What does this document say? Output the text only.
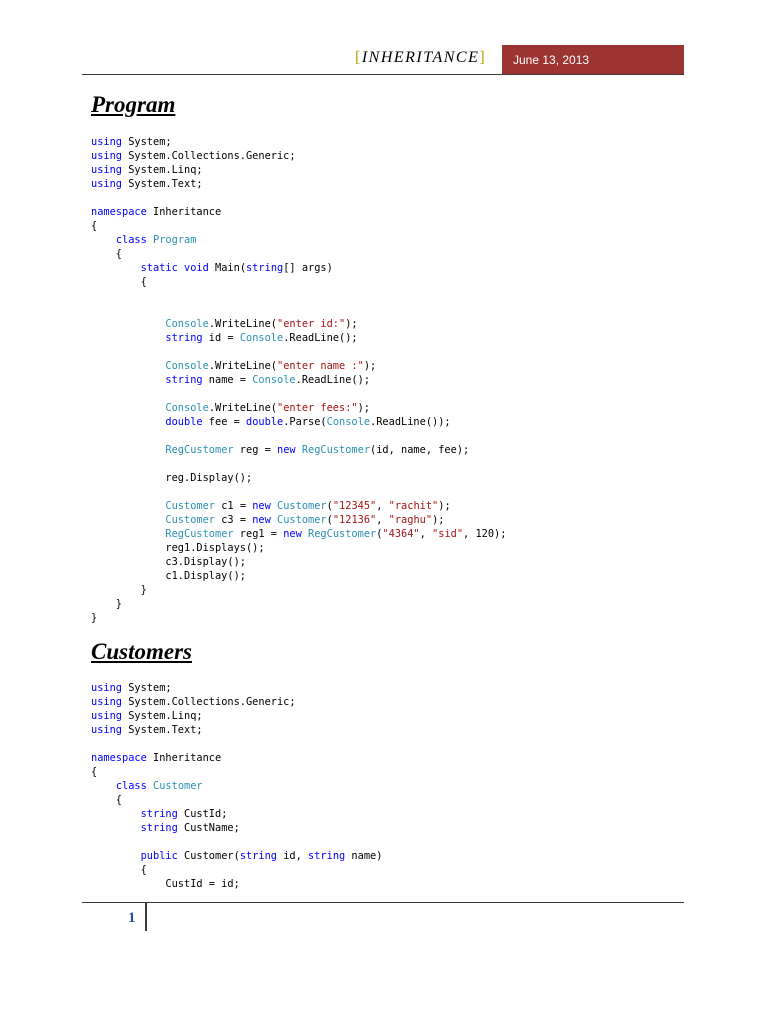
[INHERITANCE]	June 13, 2013
Program
using System;
using System.Collections.Generic;
using System.Linq;
using System.Text;
namespace Inheritance
{
class Program
{
static void Main(string[] args)
{
Console.WriteLine("enter id:");
string id = Console.ReadLine();
Console.WriteLine("enter name :");
string name = Console.ReadLine();
Console.WriteLine("enter fees:");
double fee = double.Parse(Console.ReadLine());
RegCustomer reg = new RegCustomer(id, name, fee);
reg.Display();
Customer c1 = new Customer("12345", "rachit");
Customer c3 = new Customer("12136", "raghu");
RegCustomer reg1 = new RegCustomer("4364", "sid", 120);
reg1.Displays();
c3.Display();
c1.Display();
}
}
}
Customers
using System;
using System.Collections.Generic;
using System.Linq;
using System.Text;
namespace Inheritance
{
class Customer
{
string CustId;
string CustName;
public Customer(string id, string name)
{
CustId = id;
1
